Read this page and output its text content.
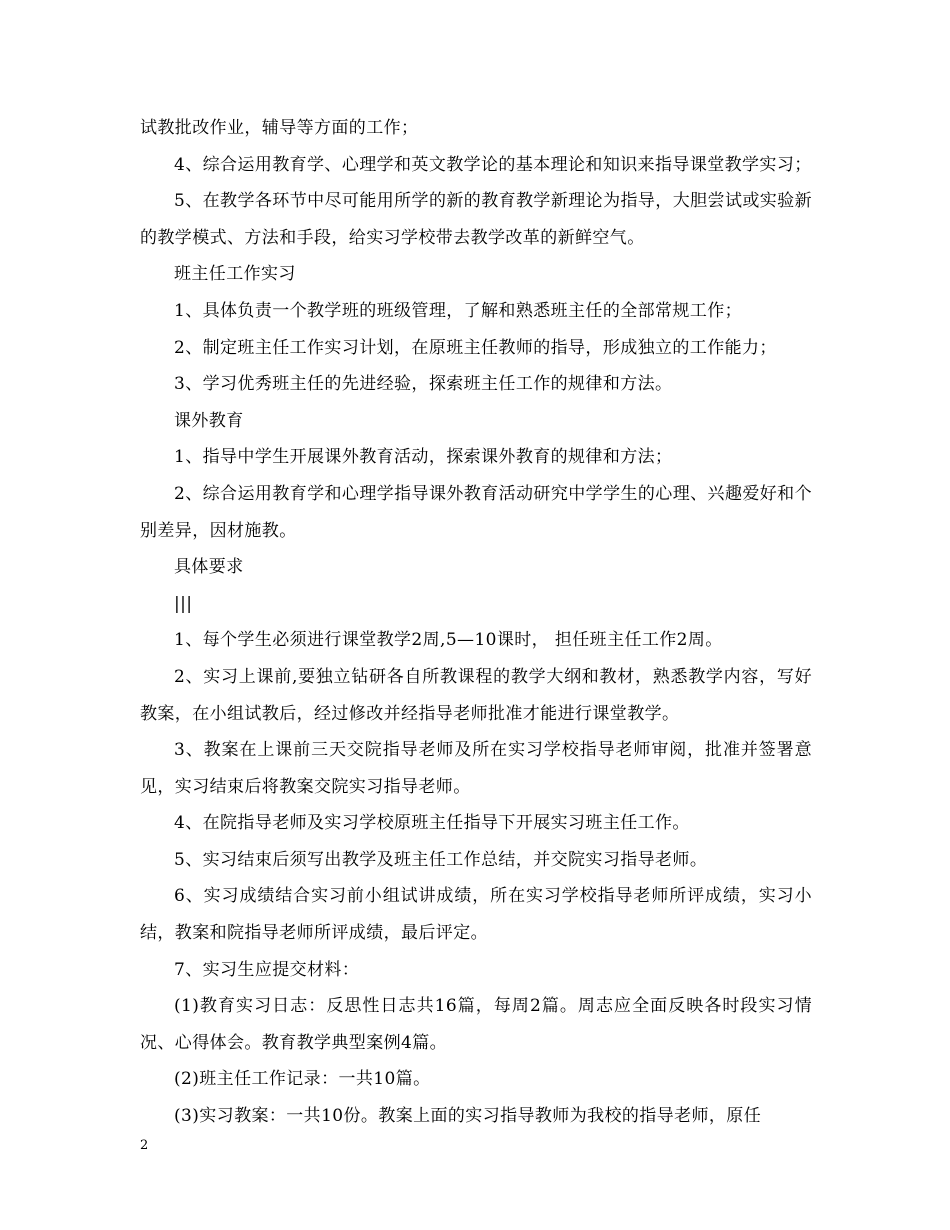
试教批改作业，辅导等方面的工作；

4、综合运用教育学、心理学和英文教学论的基本理论和知识来指导课堂教学实习；

5、在教学各环节中尽可能用所学的新的教育教学新理论为指导，大胆尝试或实验新的教学模式、方法和手段，给实习学校带去教学改革的新鲜空气。

班主任工作实习

1、具体负责一个教学班的班级管理，了解和熟悉班主任的全部常规工作；

2、制定班主任工作实习计划，在原班主任教师的指导，形成独立的工作能力；

3、学习优秀班主任的先进经验，探索班主任工作的规律和方法。

课外教育

1、指导中学生开展课外教育活动，探索课外教育的规律和方法；

2、综合运用教育学和心理学指导课外教育活动研究中学学生的心理、兴趣爱好和个别差异，因材施教。

具体要求

|||

1、每个学生必须进行课堂教学2周,5—10课时， 担任班主任工作2周。

2、实习上课前,要独立钻研各自所教课程的教学大纲和教材，熟悉教学内容，写好教案，在小组试教后，经过修改并经指导老师批准才能进行课堂教学。

3、教案在上课前三天交院指导老师及所在实习学校指导老师审阅，批准并签署意见，实习结束后将教案交院实习指导老师。

4、在院指导老师及实习学校原班主任指导下开展实习班主任工作。

5、实习结束后须写出教学及班主任工作总结，并交院实习指导老师。

6、实习成绩结合实习前小组试讲成绩，所在实习学校指导老师所评成绩，实习小结，教案和院指导老师所评成绩，最后评定。

7、实习生应提交材料：

(1)教育实习日志：反思性日志共16篇，每周2篇。周志应全面反映各时段实习情况、心得体会。教育教学典型案例4篇。

(2)班主任工作记录：一共10篇。

(3)实习教案：一共10份。教案上面的实习指导教师为我校的指导老师，原任

2
